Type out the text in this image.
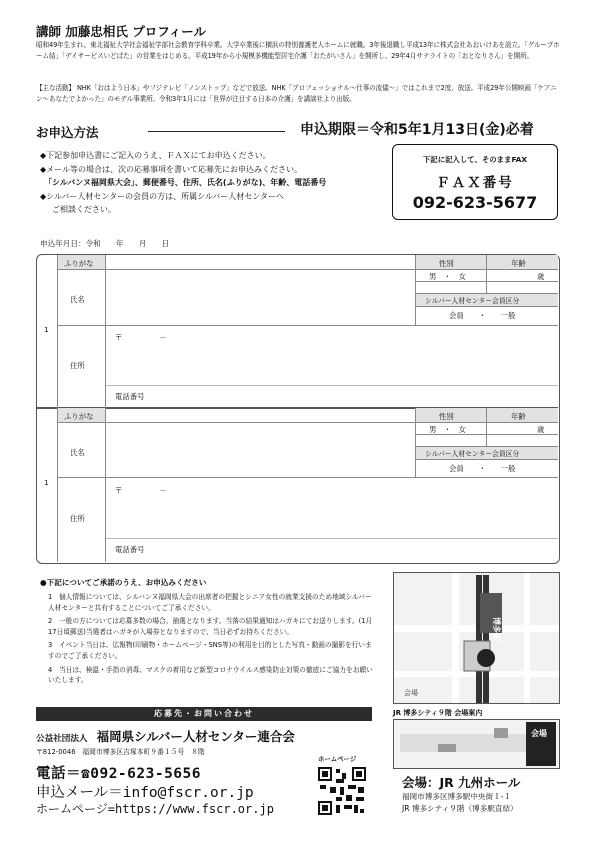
講師 加藤忠相氏 プロフィール
昭和49年生まれ。東北福祉大学社会福祉学部社会教育学科卒業。大学卒業後に横浜の特別養護老人ホームに就職。3年後退職し平成13年に株式会社あおいけあを設立。「グループホーム結」「デイサービスいどばた」の営業をはじめる。平成19年から小規模多機能型居宅介護「おたがいさん」を開所し、29年4月サテライトの「おとなりさん」を開所。
【主な活動】 NHK「おはよう日本」やフジテレビ「ノンストップ」などで放送。NHK「プロフェッショナル～仕事の流儀～」ではこれまで2度、放送。平成29年公開映画「ケアニン～あなたでよかった」のモデル事業所。令和3年1月には「世界が注目する日本の介護」を講談社より出版。
お申込方法	申込期限＝令和5年1月13日(金)必着
◆下記参加申込書にご記入のうえ、ＦＡＸにてお申込ください。
◆メール等の場合は、次の応募事項を書いて応募先にお申込みください。
「シルバンヌ福岡県大会」、郵便番号、住所、氏名(ふりがな)、年齢、電話番号
◆シルバー人材センターの会員の方は、所属シルバー人材センターへ
ご相談ください。
下記に記入して、そのままFAX
ＦＡＸ番号
092-623-5677
申込年月日：令和　　年　　月　　日
1
ふりがな
氏名
性別	年齢
男　・　女	歳
シルバー人材センター会員区分
会員　　・　　一般
住所
〒　　　　　－
電話番号
1
ふりがな
氏名
性別	年齢
男　・　女	歳
シルバー人材センター会員区分
会員　　・　　一般
住所
〒　　　　　－
電話番号
●下記についてご承諾のうえ、お申込みください
1　個人情報については、シルバンヌ福岡県大会の出席者の把握とシニア女性の就業支援のため地域シルバー人材センターと共有することについてご了承ください。
2　一般の方については応募多数の場合、抽選となります。当落の結果通知はハガキにてお送りします。(1月17日頃郵送)当選者はハガキが入場券となりますので、当日必ずお持ちください。
3　イベント当日は、広報物(印刷物・ホームページ・SNS等)の利用を目的とした写真・動画の撮影を行いますのでご了承ください。
4　当日は、検温・手指の消毒、マスクの着用など新型コロナウイルス感染防止対策の徹底にご協力をお願いいたします。
応募先・お問い合わせ
公益社団法人 福岡県シルバー人材センター連合会
〒812-0046　福岡市博多区吉塚本町９番１５号　８階
電話＝☎092-623-5656
申込メール＝info@fscr.or.jp
ホームページ=https://www.fscr.or.jp
ホームページ
会場
博多駅
JR 博多シティ９階 会場案内
会場
会場：JR 九州ホール
福岡市博多区博多駅中央街１-１
JR 博多シティ９階（博多駅直結）
